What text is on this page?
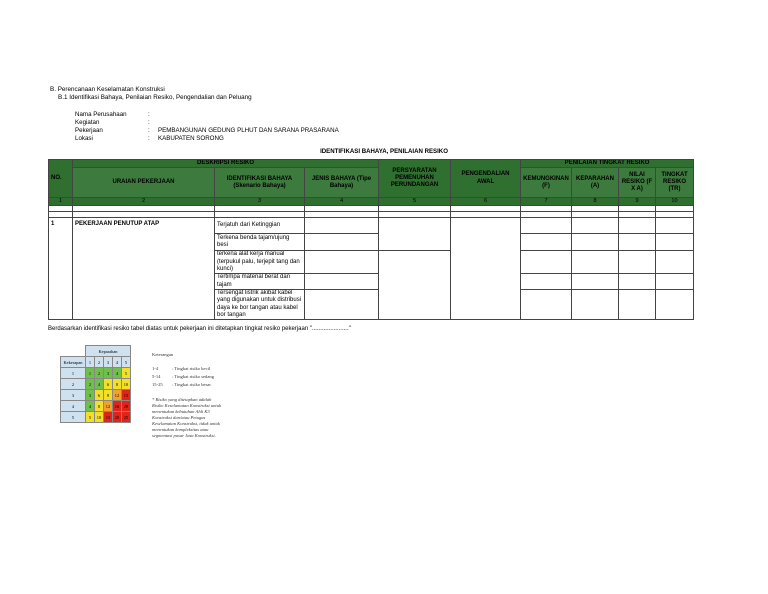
B. Perencanaan Keselamatan Konstruksi
B.1 Identifikasi Bahaya, Penilaian Resiko, Pengendalian dan Peluang
Nama Perusahaan	:
Kegiatan	:
Pekerjaan	: PEMBANGUNAN GEDUNG PLHUT DAN SARANA PRASARANA
Lokasi	: KABUPATEN SORONG
IDENTIFIKASI BAHAYA, PENILAIAN RESIKO
NO.	DESKRIPSI RESIKO			PERSYARATAN PEMENUHAN PERUNDANGAN	PENGENDALIAN AWAL	PENILAIAN TINGKAT RESIKO			
	URAIAN PEKERJAAN	IDENTIFIKASI BAHAYA (Skenario Bahaya)	JENIS BAHAYA (Tipe Bahaya)			KEMUNGKINAN (F)	KEPARAHAN (A)	NILAI RESIKO (F X A)	TINGKAT RESIKO (TR)
1	2	3	4	5	6	7	8	9	10

1	PEKERJAAN PENUTUP ATAP	Terjatuh dari Ketinggian							
		Terkena benda tajam/ujung besi							
		terkena alat kerja manual (terpukul palu, terjepit tang dan kunci)							
		Tertimpa material berat dan tajam							
		Tersengat listrik akibat kabel yang digunakan untuk distribusi daya ke bor tangan atau kabel bor tangan							
Berdasarkan identifikasi resiko tabel diatas untuk pekerjaan ini ditetapkan tingkat resiko pekerjaan "......................"
	Keparahan				
Kekerapan	1	2	3	4	5
1	1	2	3	4	5
2	2	4	6	8	10
3	3	6	9	12	15
4	4	8	12	16	20
5	5	10	15	20	25
Keterangan
1-4	: Tingkat risiko kecil
5-14	: Tingkat risiko sedang
15-25 : Tingkat risiko besar
* Risiko yang ditetapkan adalah Risiko Keselamatan Konstruksi untuk menentukan kebutuhan Ahli K3 Konstruksi dan/atau Petugas Keselamatan Konstruksi, tidak untuk menentukan kompleksitas atau segmentasi pasar Jasa Konstruksi.
